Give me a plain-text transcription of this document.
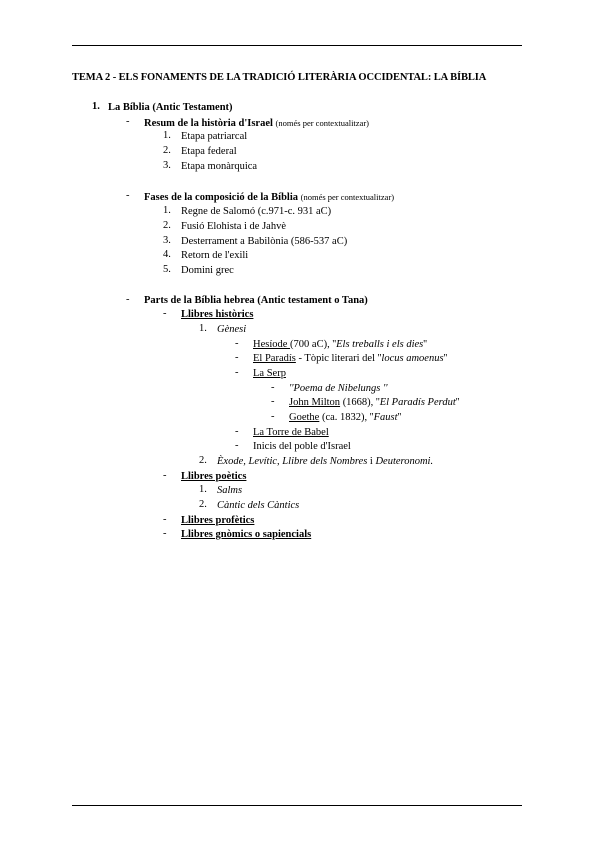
TEMA 2 - ELS FONAMENTS DE LA TRADICIÓ LITERÀRIA OCCIDENTAL: LA BÍBLIA
1. La Bíblia (Antic Testament)
- Resum de la història d'Israel (només per contextualitzar)
1. Etapa patriarcal
2. Etapa federal
3. Etapa monàrquica
- Fases de la composició de la Bíblia (només per contextualitzar)
1. Regne de Salomó (c.971-c. 931 aC)
2. Fusió Elohista i de Jahvè
3. Desterrament a Babilònia (586-537 aC)
4. Retorn de l'exili
5. Domini grec
- Parts de la Bíblia hebrea (Antic testament o Tana)
- Llibres històrics
1. Gènesi
- Hesíode (700 aC), ''Els treballs i els dies''
- El Paradís - Tòpic literari del ''locus amoenus''
- La Serp
- ''Poema de Nibelungs ''
- John Milton (1668), ''El Paradís Perdut''
- Goethe (ca. 1832), ''Faust''
- La Torre de Babel
- Inicis del poble d'Israel
2. Èxode, Levític, Llibre dels Nombres i Deuteronomi.
- Llibres poètics
1. Salms
2. Càntic dels Càntics
- Llibres profètics
- Llibres gnòmics o sapiencials
